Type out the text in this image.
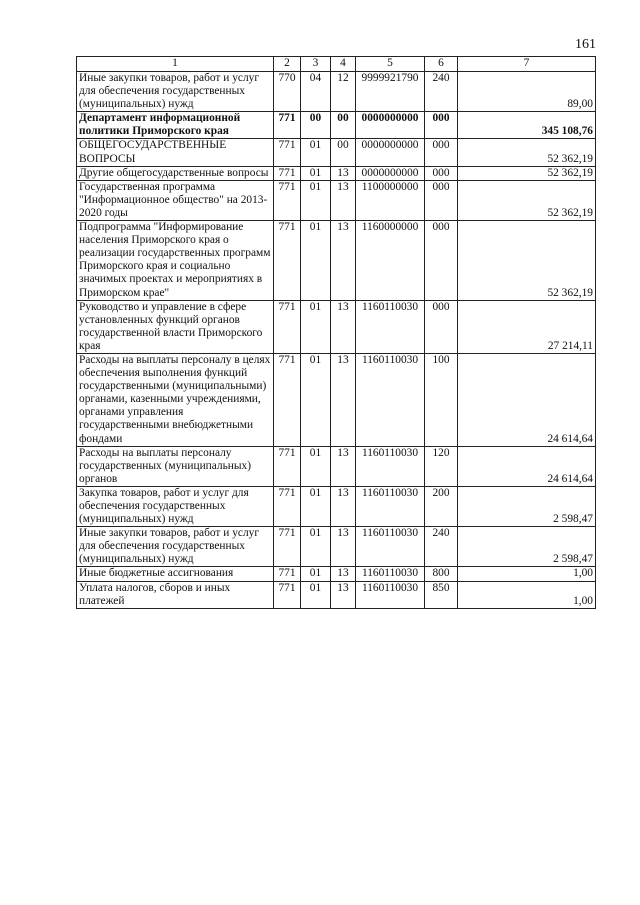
161
1	2	3	4	5	6	7
Иные закупки товаров, работ и услуг для обеспечения государственных (муниципальных) нужд	770	04	12	9999921790	240	89,00
Департамент информационной политики Приморского края	771	00	00	0000000000	000	345 108,76
ОБЩЕГОСУДАРСТВЕННЫЕ ВОПРОСЫ	771	01	00	0000000000	000	52 362,19
Другие общегосударственные вопросы	771	01	13	0000000000	000	52 362,19
Государственная программа "Информационное общество" на 2013-2020 годы	771	01	13	1100000000	000	52 362,19
Подпрограмма "Информирование населения Приморского края о реализации государственных программ Приморского края и социально значимых проектах и мероприятиях в Приморском крае"	771	01	13	1160000000	000	52 362,19
Руководство и управление в сфере установленных функций органов государственной власти Приморского края	771	01	13	1160110030	000	27 214,11
Расходы на выплаты персоналу в целях обеспечения выполнения функций государственными (муниципальными) органами, казенными учреждениями, органами управления государственными внебюджетными фондами	771	01	13	1160110030	100	24 614,64
Расходы на выплаты персоналу государственных (муниципальных) органов	771	01	13	1160110030	120	24 614,64
Закупка товаров, работ и услуг для обеспечения государственных (муниципальных) нужд	771	01	13	1160110030	200	2 598,47
Иные закупки товаров, работ и услуг для обеспечения государственных (муниципальных) нужд	771	01	13	1160110030	240	2 598,47
Иные бюджетные ассигнования	771	01	13	1160110030	800	1,00
Уплата налогов, сборов и иных платежей	771	01	13	1160110030	850	1,00
